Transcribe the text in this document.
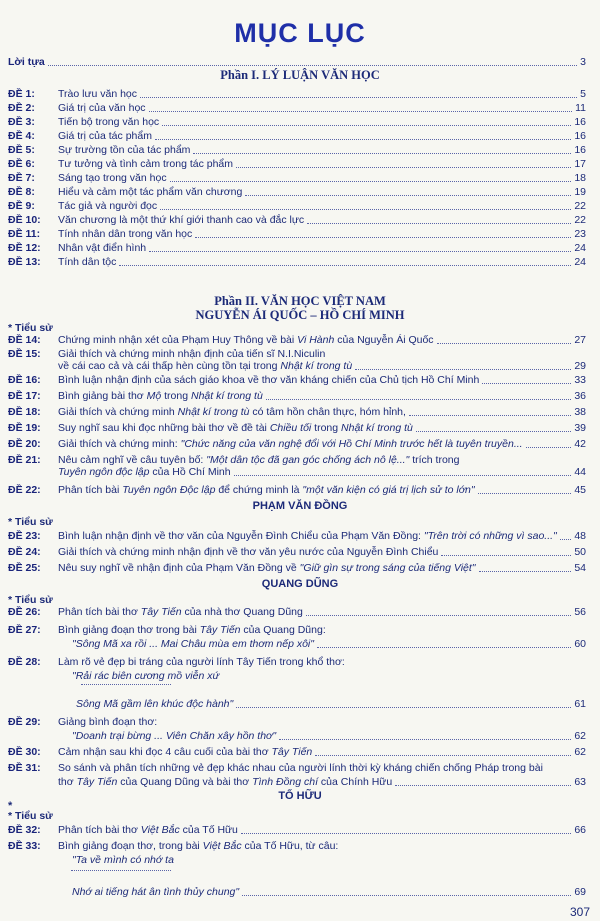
MỤC LỤC
Lời tựa	3
Phần I. LÝ LUẬN VĂN HỌC
ĐỀ 1:	Trào lưu văn học	5
ĐỀ 2:	Giá trị của văn học	11
ĐỀ 3:	Tiến bộ trong văn học	16
ĐỀ 4:	Giá trị của tác phẩm	16
ĐỀ 5:	Sự trường tồn của tác phẩm	16
ĐỀ 6:	Tư tưởng và tình cảm trong tác phẩm	17
ĐỀ 7:	Sáng tạo trong văn học	18
ĐỀ 8:	Hiểu và cảm một tác phẩm văn chương	19
ĐỀ 9:	Tác giả và người đọc	22
ĐỀ 10:	Văn chương là một thứ khí giới thanh cao và đắc lực	22
ĐỀ 11:	Tính nhân dân trong văn học	23
ĐỀ 12:	Nhân vật điển hình	24
ĐỀ 13:	Tính dân tộc	24
Phần II. VĂN HỌC VIỆT NAM
NGUYỄN ÁI QUỐC – HỒ CHÍ MINH
* Tiểu sử
ĐỀ 14:	Chứng minh nhận xét của Phạm Huy Thông về bài Vi Hành của Nguyễn Ái Quốc	27
ĐỀ 15:	Giải thích và chứng minh nhận định của tiến sĩ N.I.Niculin
về cái cao cả và cái thấp hèn cùng tồn tại trong Nhật kí trong tù	29
ĐỀ 16:	Bình luận nhận định của sách giáo khoa về thơ văn kháng chiến của Chủ tịch Hồ Chí Minh	33
ĐỀ 17:	Bình giảng bài thơ Mộ trong Nhật kí trong tù	36
ĐỀ 18:	Giải thích và chứng minh Nhật kí trong tù có tâm hồn chân thực, hóm hỉnh,	38
ĐỀ 19:	Suy nghĩ sau khi đọc những bài thơ về đề tài Chiều tối trong Nhật kí trong tù	39
ĐỀ 20:	Giải thích và chứng minh: "Chức năng của văn nghệ đổi với Hồ Chí Minh trước hết là tuyên truyền...	42
ĐỀ 21:	Nêu cảm nghĩ về câu tuyên bố: "Một dân tộc đã gan góc chống ách nô lệ..." trích trong
Tuyên ngôn độc lập của Hồ Chí Minh	44
ĐỀ 22:	Phân tích bài Tuyên ngôn Độc lập để chứng minh là "một văn kiện có giá trị lịch sử to lớn"	45
PHẠM VĂN ĐỒNG
* Tiểu sử
ĐỀ 23:	Bình luận nhận định về thơ văn của Nguyễn Đình Chiểu của Phạm Văn Đồng: "Trên trời có những vì sao..." 48
ĐỀ 24:	Giải thích và chứng minh nhận định về thơ văn yêu nước của Nguyễn Đình Chiểu	50
ĐỀ 25:	Nêu suy nghĩ về nhận định của Phạm Văn Đồng về "Giữ gìn sự trong sáng của tiếng Việt"	54
QUANG DŨNG
* Tiểu sử
ĐỀ 26:	Phân tích bài thơ Tây Tiến của nhà thơ Quang Dũng	56
ĐỀ 27:	Bình giảng đoạn thơ trong bài Tây Tiến của Quang Dũng:
"Sông Mã xa rồi ... Mai Châu mùa em thơm nếp xôi"	60
ĐỀ 28:	Làm rõ vẻ đẹp bi tráng của người lính Tây Tiến trong khổ thơ:
"Rải rác biên cương mồ viễn xứ
Sông Mã gầm lên khúc độc hành"	61
ĐỀ 29:	Giảng bình đoạn thơ:
"Doanh trại bừng ... Viên Chăn xây hồn thơ"	62
ĐỀ 30:	Cảm nhận sau khi đọc 4 câu cuối của bài thơ Tây Tiến	62
ĐỀ 31:	So sánh và phân tích những vẻ đẹp khác nhau của người lính thời kỳ kháng chiến chống Pháp trong bài
thơ Tây Tiến của Quang Dũng và bài thơ Tình Đồng chí của Chính Hữu	63
TỐ HỮU
*
* Tiểu sử
ĐỀ 32:	Phân tích bài thơ Việt Bắc của Tố Hữu	66
ĐỀ 33:	Bình giảng đoạn thơ, trong bài Việt Bắc của Tố Hữu, từ câu:
"Ta về mình có nhớ ta
Nhớ ai tiếng hát ân tình thủy chung"	69
307
